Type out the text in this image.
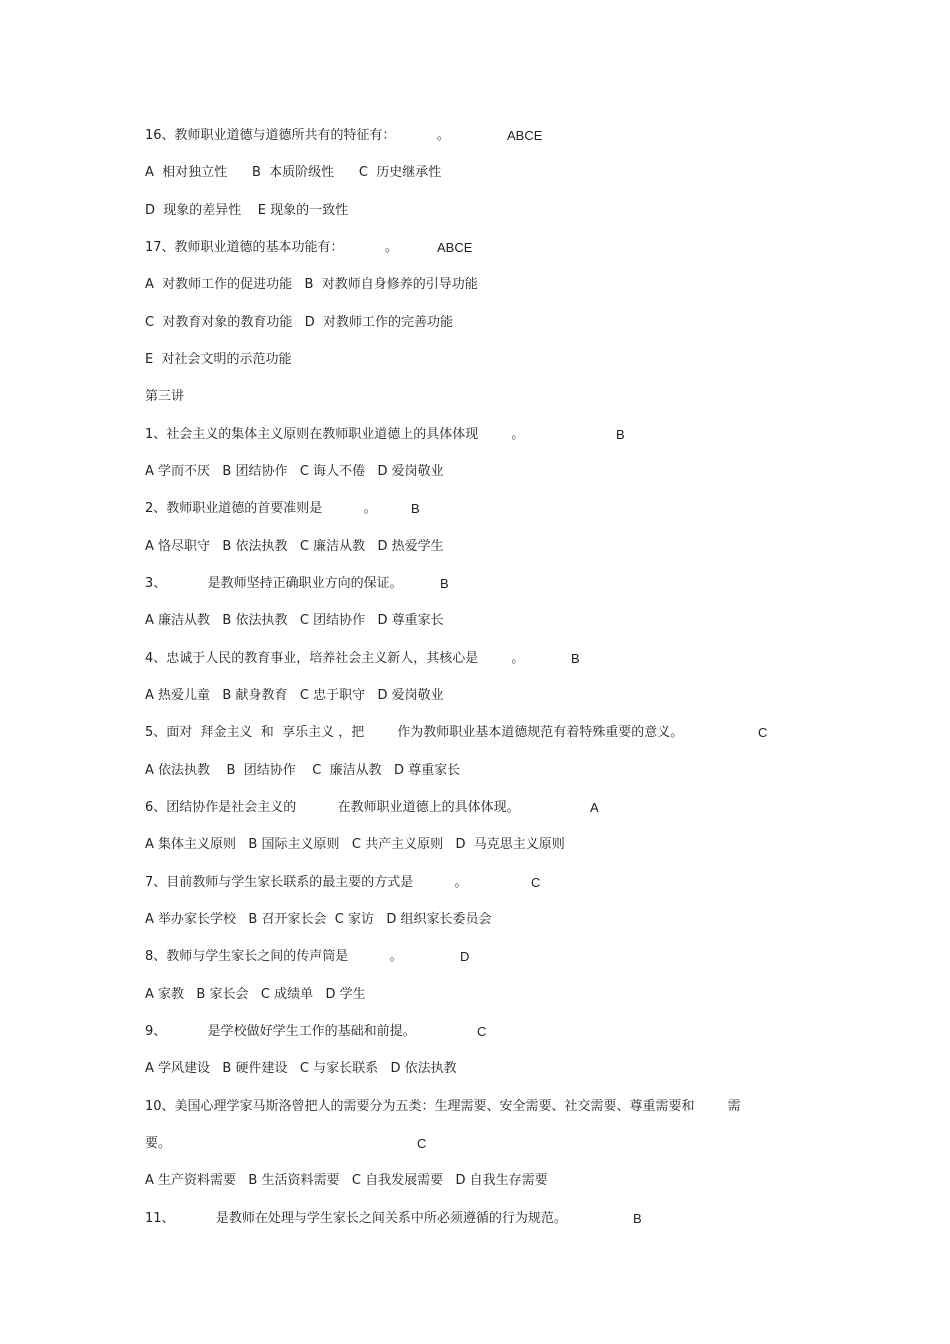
16、教师职业道德与道德所共有的特征有：          。	ABCE
A  相对独立性      B  本质阶级性      C  历史继承性
D  现象的差异性    E 现象的一致性
17、教师职业道德的基本功能有：          。	ABCE
A  对教师工作的促进功能   B  对教师自身修养的引导功能
C  对教育对象的教育功能   D  对教师工作的完善功能
E  对社会文明的示范功能
第三讲
1、社会主义的集体主义原则在教师职业道德上的具体体现        。	B
A 学而不厌   B 团结协作   C 诲人不倦   D 爱岗敬业
2、教师职业道德的首要准则是          。	B
A 恪尽职守   B 依法执教   C 廉洁从教   D 热爱学生
3、          是教师坚持正确职业方向的保证。	B
A 廉洁从教   B 依法执教   C 团结协作   D 尊重家长
4、忠诚于人民的教育事业，培养社会主义新人，其核心是        。	B
A 热爱儿童   B 献身教育   C 忠于职守   D 爱岗敬业
5、面对  拜金主义  和  享乐主义 ，把        作为教师职业基本道德规范有着特殊重要的意义。	C
A 依法执教    B  团结协作    C  廉洁从教   D 尊重家长
6、团结协作是社会主义的          在教师职业道德上的具体体现。	A
A 集体主义原则   B 国际主义原则   C 共产主义原则   D  马克思主义原则
7、目前教师与学生家长联系的最主要的方式是          。	C
A 举办家长学校   B 召开家长会  C 家访   D 组织家长委员会
8、教师与学生家长之间的传声筒是          。	D
A 家教   B 家长会   C 成绩单   D 学生
9、          是学校做好学生工作的基础和前提。	C
A 学风建设   B 硬件建设   C 与家长联系   D 依法执教
10、美国心理学家马斯洛曾把人的需要分为五类：生理需要、安全需要、社交需要、尊重需要和        需
要。	C
A 生产资料需要   B 生活资料需要   C 自我发展需要   D 自我生存需要
11、          是教师在处理与学生家长之间关系中所必须遵循的行为规范。	B
